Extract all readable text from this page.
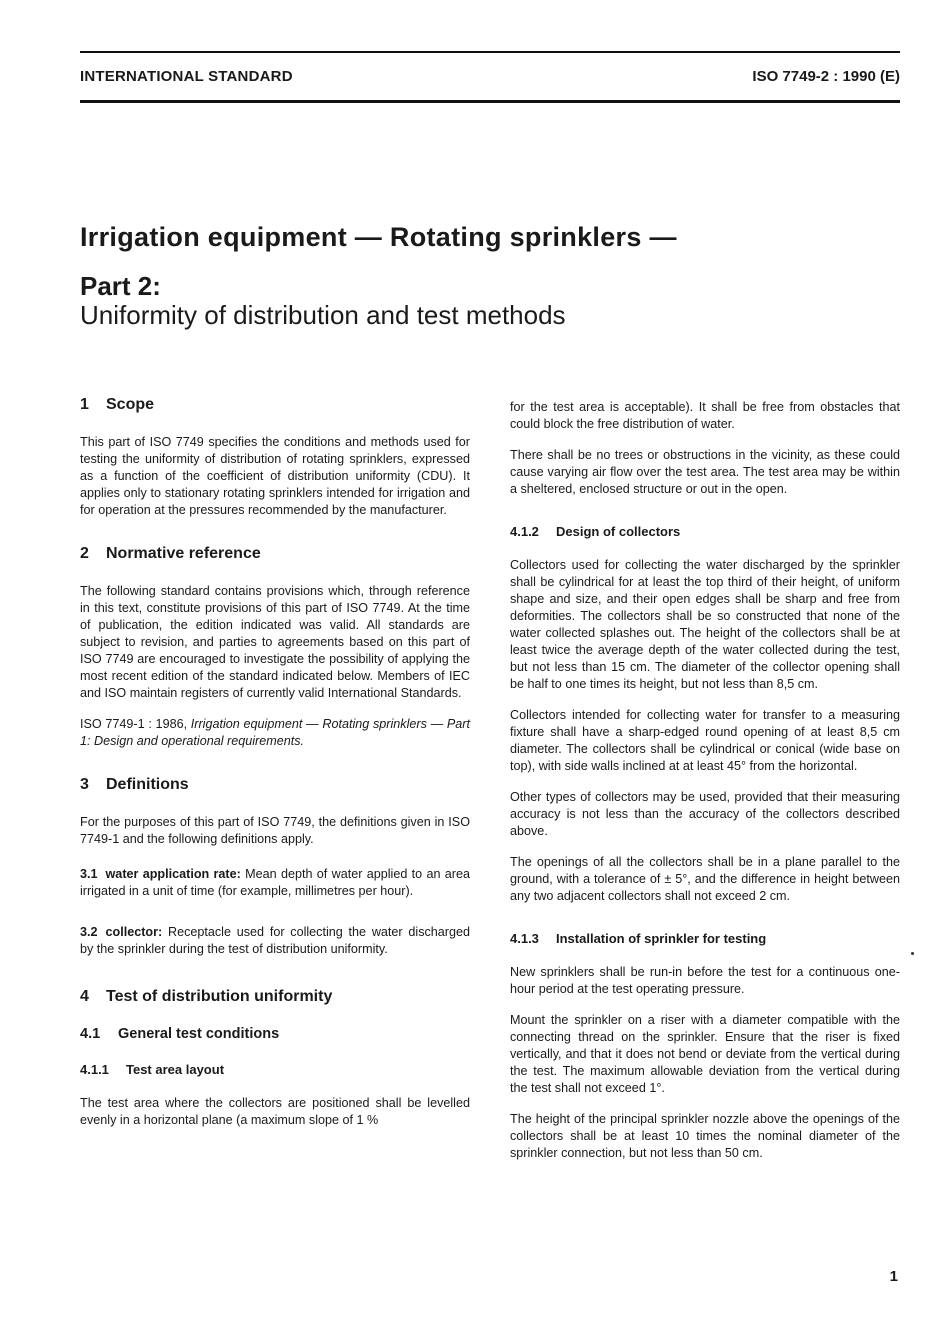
INTERNATIONAL STANDARD	ISO 7749-2 : 1990 (E)
Irrigation equipment — Rotating sprinklers —
Part 2:
Uniformity of distribution and test methods
1 Scope

This part of ISO 7749 specifies the conditions and methods used for testing the uniformity of distribution of rotating sprinklers, expressed as a function of the coefficient of distribution uniformity (CDU). It applies only to stationary rotating sprinklers intended for irrigation and for operation at the pressures recommended by the manufacturer.

2 Normative reference

The following standard contains provisions which, through reference in this text, constitute provisions of this part of ISO 7749. At the time of publication, the edition indicated was valid. All standards are subject to revision, and parties to agreements based on this part of ISO 7749 are encouraged to investigate the possibility of applying the most recent edition of the standard indicated below. Members of IEC and ISO maintain registers of currently valid International Standards.

ISO 7749-1 : 1986, Irrigation equipment — Rotating sprinklers — Part 1: Design and operational requirements.

3 Definitions

For the purposes of this part of ISO 7749, the definitions given in ISO 7749-1 and the following definitions apply.

3.1 water application rate: Mean depth of water applied to an area irrigated in a unit of time (for example, millimetres per hour).

3.2 collector: Receptacle used for collecting the water discharged by the sprinkler during the test of distribution uniformity.

4 Test of distribution uniformity
4.1 General test conditions
4.1.1 Test area layout

The test area where the collectors are positioned shall be levelled evenly in a horizontal plane (a maximum slope of 1 %

for the test area is acceptable). It shall be free from obstacles that could block the free distribution of water.

There shall be no trees or obstructions in the vicinity, as these could cause varying air flow over the test area. The test area may be within a sheltered, enclosed structure or out in the open.

4.1.2 Design of collectors

Collectors used for collecting the water discharged by the sprinkler shall be cylindrical for at least the top third of their height, of uniform shape and size, and their open edges shall be sharp and free from deformities. The collectors shall be so constructed that none of the water collected splashes out. The height of the collectors shall be at least twice the average depth of the water collected during the test, but not less than 15 cm. The diameter of the collector opening shall be half to one times its height, but not less than 8,5 cm.

Collectors intended for collecting water for transfer to a measuring fixture shall have a sharp-edged round opening of at least 8,5 cm diameter. The collectors shall be cylindrical or conical (wide base on top), with side walls inclined at at least 45° from the horizontal.

Other types of collectors may be used, provided that their measuring accuracy is not less than the accuracy of the collectors described above.

The openings of all the collectors shall be in a plane parallel to the ground, with a tolerance of ± 5°, and the difference in height between any two adjacent collectors shall not exceed 2 cm.

4.1.3 Installation of sprinkler for testing

New sprinklers shall be run-in before the test for a continuous one-hour period at the test operating pressure.

Mount the sprinkler on a riser with a diameter compatible with the connecting thread on the sprinkler. Ensure that the riser is fixed vertically, and that it does not bend or deviate from the vertical during the test. The maximum allowable deviation from the vertical during the test shall not exceed 1°.

The height of the principal sprinkler nozzle above the openings of the collectors shall be at least 10 times the nominal diameter of the sprinkler connection, but not less than 50 cm.

1
